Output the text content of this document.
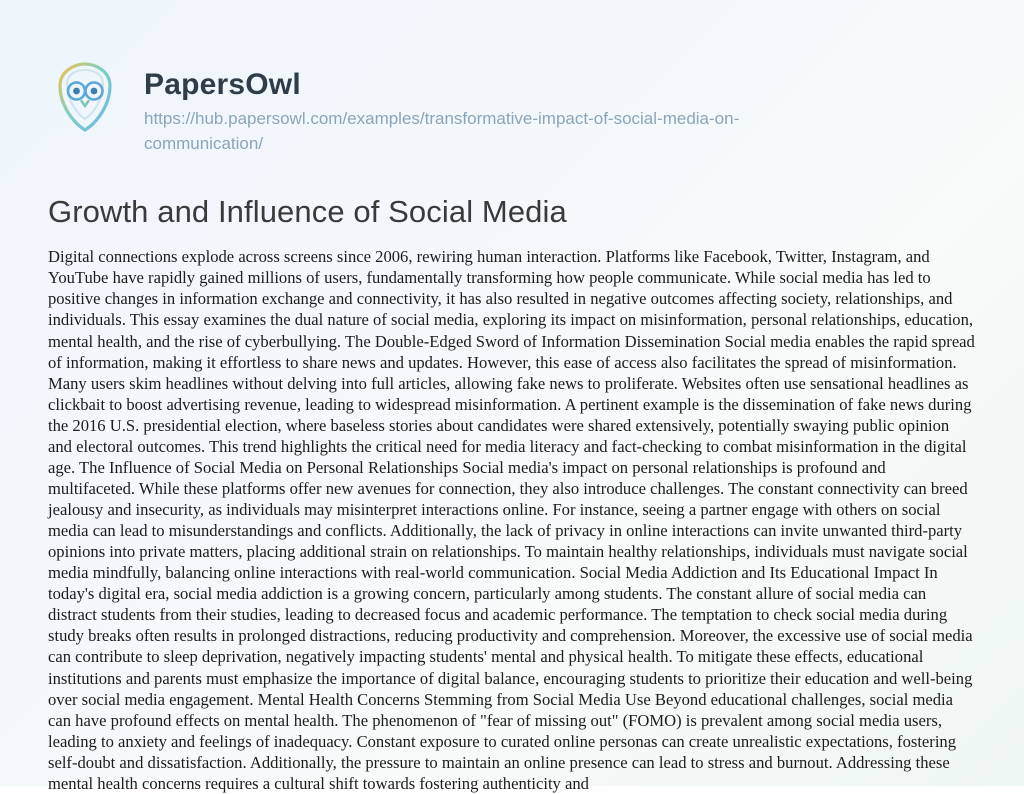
PapersOwl
https://hub.papersowl.com/examples/transformative-impact-of-social-media-on-communication/
Growth and Influence of Social Media
Digital connections explode across screens since 2006, rewiring human interaction. Platforms like Facebook, Twitter, Instagram, and YouTube have rapidly gained millions of users, fundamentally transforming how people communicate. While social media has led to positive changes in information exchange and connectivity, it has also resulted in negative outcomes affecting society, relationships, and individuals. This essay examines the dual nature of social media, exploring its impact on misinformation, personal relationships, education, mental health, and the rise of cyberbullying. The Double-Edged Sword of Information Dissemination Social media enables the rapid spread of information, making it effortless to share news and updates. However, this ease of access also facilitates the spread of misinformation. Many users skim headlines without delving into full articles, allowing fake news to proliferate. Websites often use sensational headlines as clickbait to boost advertising revenue, leading to widespread misinformation. A pertinent example is the dissemination of fake news during the 2016 U.S. presidential election, where baseless stories about candidates were shared extensively, potentially swaying public opinion and electoral outcomes. This trend highlights the critical need for media literacy and fact-checking to combat misinformation in the digital age. The Influence of Social Media on Personal Relationships Social media's impact on personal relationships is profound and multifaceted. While these platforms offer new avenues for connection, they also introduce challenges. The constant connectivity can breed jealousy and insecurity, as individuals may misinterpret interactions online. For instance, seeing a partner engage with others on social media can lead to misunderstandings and conflicts. Additionally, the lack of privacy in online interactions can invite unwanted third-party opinions into private matters, placing additional strain on relationships. To maintain healthy relationships, individuals must navigate social media mindfully, balancing online interactions with real-world communication. Social Media Addiction and Its Educational Impact In today's digital era, social media addiction is a growing concern, particularly among students. The constant allure of social media can distract students from their studies, leading to decreased focus and academic performance. The temptation to check social media during study breaks often results in prolonged distractions, reducing productivity and comprehension. Moreover, the excessive use of social media can contribute to sleep deprivation, negatively impacting students' mental and physical health. To mitigate these effects, educational institutions and parents must emphasize the importance of digital balance, encouraging students to prioritize their education and well-being over social media engagement. Mental Health Concerns Stemming from Social Media Use Beyond educational challenges, social media can have profound effects on mental health. The phenomenon of "fear of missing out" (FOMO) is prevalent among social media users, leading to anxiety and feelings of inadequacy. Constant exposure to curated online personas can create unrealistic expectations, fostering self-doubt and dissatisfaction. Additionally, the pressure to maintain an online presence can lead to stress and burnout. Addressing these mental health concerns requires a cultural shift towards fostering authenticity and
